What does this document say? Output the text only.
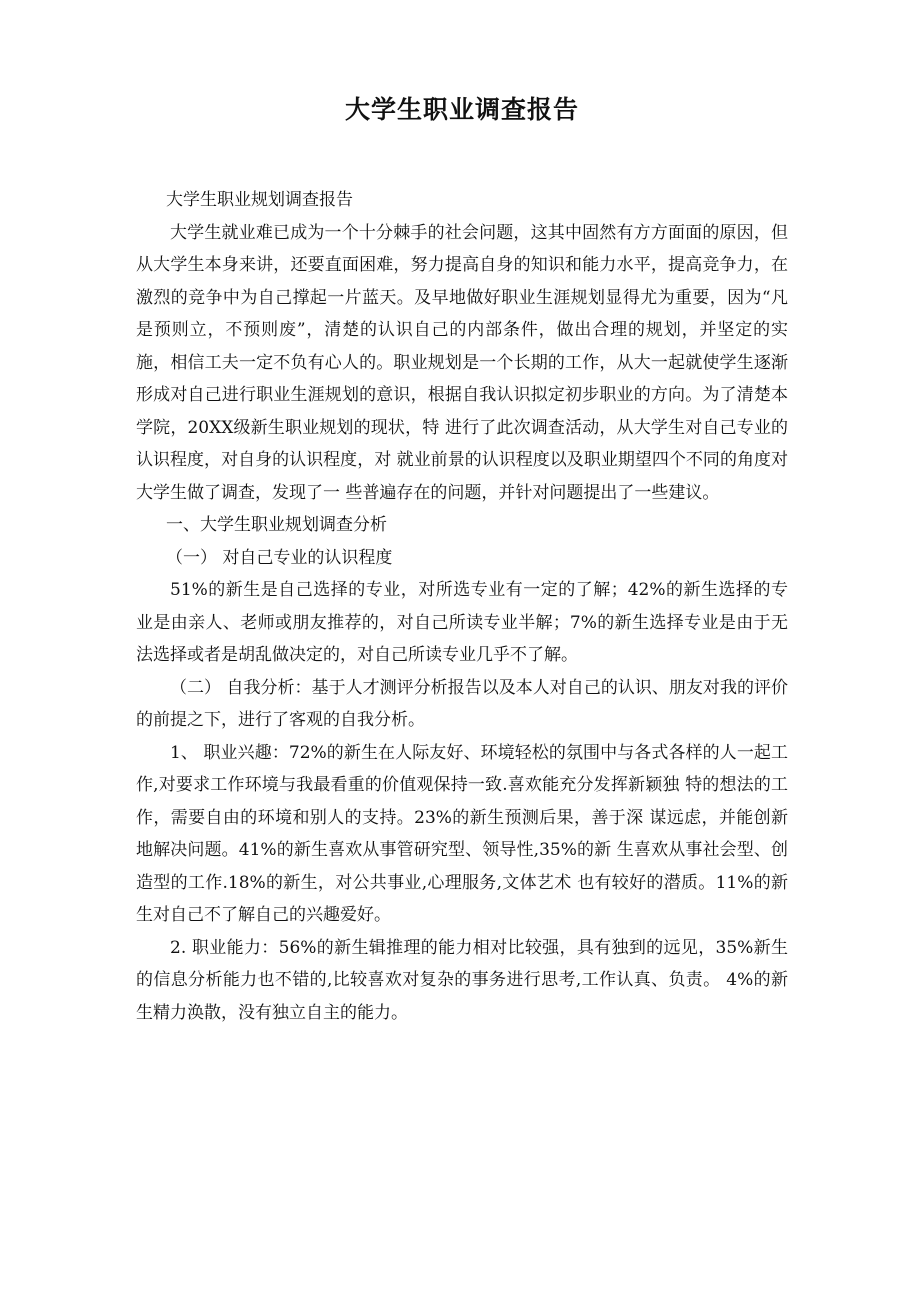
大学生职业调查报告

大学生职业规划调查报告

大学生就业难已成为一个十分棘手的社会问题，这其中固然有方方面面的原因，但从大学生本身来讲，还要直面困难，努力提高自身的知识和能力水平，提高竞争力，在激烈的竞争中为自己撑起一片蓝天。及早地做好职业生涯规划显得尤为重要，因为“凡是预则立，不预则废”，清楚的认识自己的内部条件，做出合理的规划，并坚定的实施，相信工夫一定不负有心人的。职业规划是一个长期的工作，从大一起就使学生逐渐形成对自己进行职业生涯规划的意识，根据自我认识拟定初步职业的方向。为了清楚本学院，20XX级新生职业规划的现状，特 进行了此次调查活动，从大学生对自己专业的认识程度，对自身的认识程度，对 就业前景的认识程度以及职业期望四个不同的角度对大学生做了调查，发现了一 些普遍存在的问题，并针对问题提出了一些建议。

一、大学生职业规划调查分析

（一） 对自己专业的认识程度

51%的新生是自己选择的专业，对所选专业有一定的了解；42%的新生选择的专业是由亲人、老师或朋友推荐的，对自己所读专业半解；7%的新生选择专业是由于无法选择或者是胡乱做决定的，对自己所读专业几乎不了解。

（二） 自我分析：基于人才测评分析报告以及本人对自己的认识、朋友对我的评价的前提之下，进行了客观的自我分析。

1、 职业兴趣：72%的新生在人际友好、环境轻松的氛围中与各式各样的人一起工作,对要求工作环境与我最看重的价值观保持一致.喜欢能充分发挥新颖独 特的想法的工作，需要自由的环境和别人的支持。23%的新生预测后果，善于深 谋远虑，并能创新地解决问题。41%的新生喜欢从事管研究型、领导性,35%的新 生喜欢从事社会型、创造型的工作.18%的新生，对公共事业,心理服务,文体艺术 也有较好的潜质。11%的新生对自己不了解自己的兴趣爱好。

2. 职业能力：56%的新生辑推理的能力相对比较强，具有独到的远见，35%新生的信息分析能力也不错的,比较喜欢对复杂的事务进行思考,工作认真、负责。 4%的新生精力涣散，没有独立自主的能力。
